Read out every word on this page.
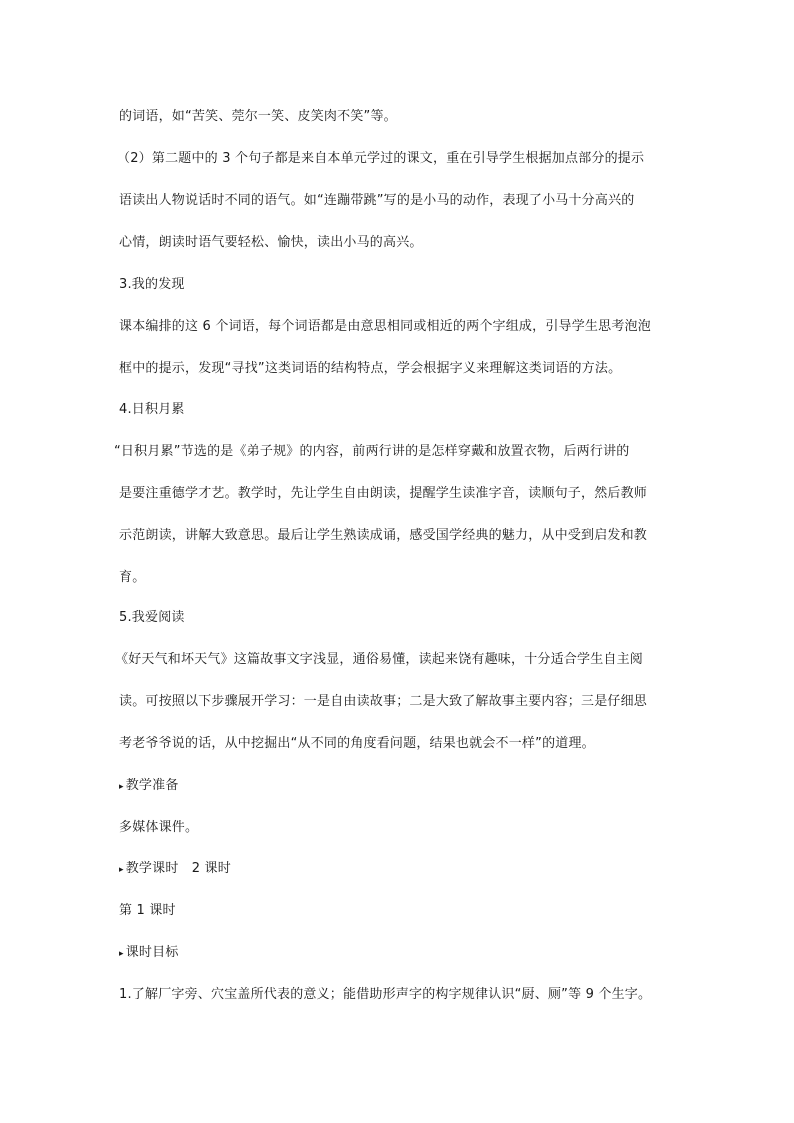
的词语，如“苦笑、莞尔一笑、皮笑肉不笑”等。
（2）第二题中的 3 个句子都是来自本单元学过的课文，重在引导学生根据加点部分的提示
语读出人物说话时不同的语气。如“连蹦带跳”写的是小马的动作，表现了小马十分高兴的
心情，朗读时语气要轻松、愉快，读出小马的高兴。
3.我的发现
课本编排的这 6 个词语，每个词语都是由意思相同或相近的两个字组成，引导学生思考泡泡
框中的提示，发现“寻找”这类词语的结构特点，学会根据字义来理解这类词语的方法。
4.日积月累
“日积月累”节选的是《弟子规》的内容，前两行讲的是怎样穿戴和放置衣物，后两行讲的
是要注重德学才艺。教学时，先让学生自由朗读，提醒学生读准字音，读顺句子，然后教师
示范朗读，讲解大致意思。最后让学生熟读成诵，感受国学经典的魅力，从中受到启发和教
育。
5.我爱阅读
《好天气和坏天气》这篇故事文字浅显，通俗易懂，读起来饶有趣味，十分适合学生自主阅
读。可按照以下步骤展开学习：一是自由读故事；二是大致了解故事主要内容；三是仔细思
考老爷爷说的话，从中挖掘出“从不同的角度看问题，结果也就会不一样”的道理。
▸ 教学准备
多媒体课件。
▸ 教学课时　2 课时
第 1 课时
▸ 课时目标
1.了解厂字旁、穴宝盖所代表的意义；能借助形声字的构字规律认识“厨、厕”等 9 个生字。
